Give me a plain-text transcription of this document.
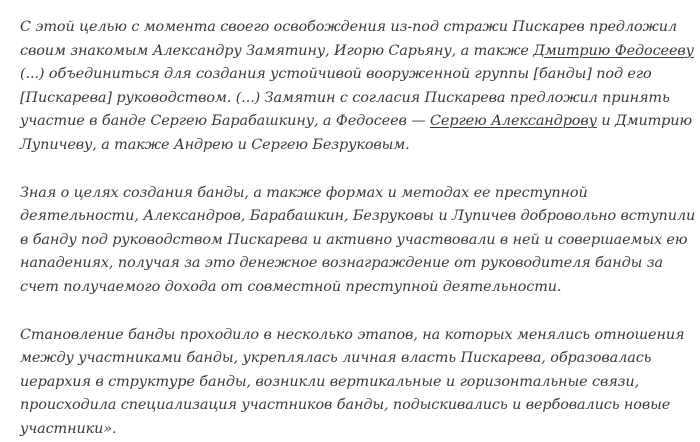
С этой целью с момента своего освобождения из-под стражи Пискарев предложил своим знакомым Александру Замятину, Игорю Сарьяну, а также Дмитрию Федосееву (...) объединиться для создания устойчивой вооруженной группы [банды] под его [Пискарева] руководством. (...) Замятин с согласия Пискарева предложил принять участие в банде Сергею Барабашкину, а Федосеев — Сергею Александрову и Дмитрию Лупичеву, а также Андрею и Сергею Безруковым.

Зная о целях создания банды, а также формах и методах ее преступной деятельности, Александров, Барабашкин, Безруковы и Лупичев добровольно вступили в банду под руководством Пискарева и активно участвовали в ней и совершаемых ею нападениях, получая за это денежное вознаграждение от руководителя банды за счет получаемого дохода от совместной преступной деятельности.

Становление банды проходило в несколько этапов, на которых менялись отношения между участниками банды, укреплялась личная власть Пискарева, образовалась иерархия в структуре банды, возникли вертикальные и горизонтальные связи, происходила специализация участников банды, подыскивались и вербовались новые участники».
